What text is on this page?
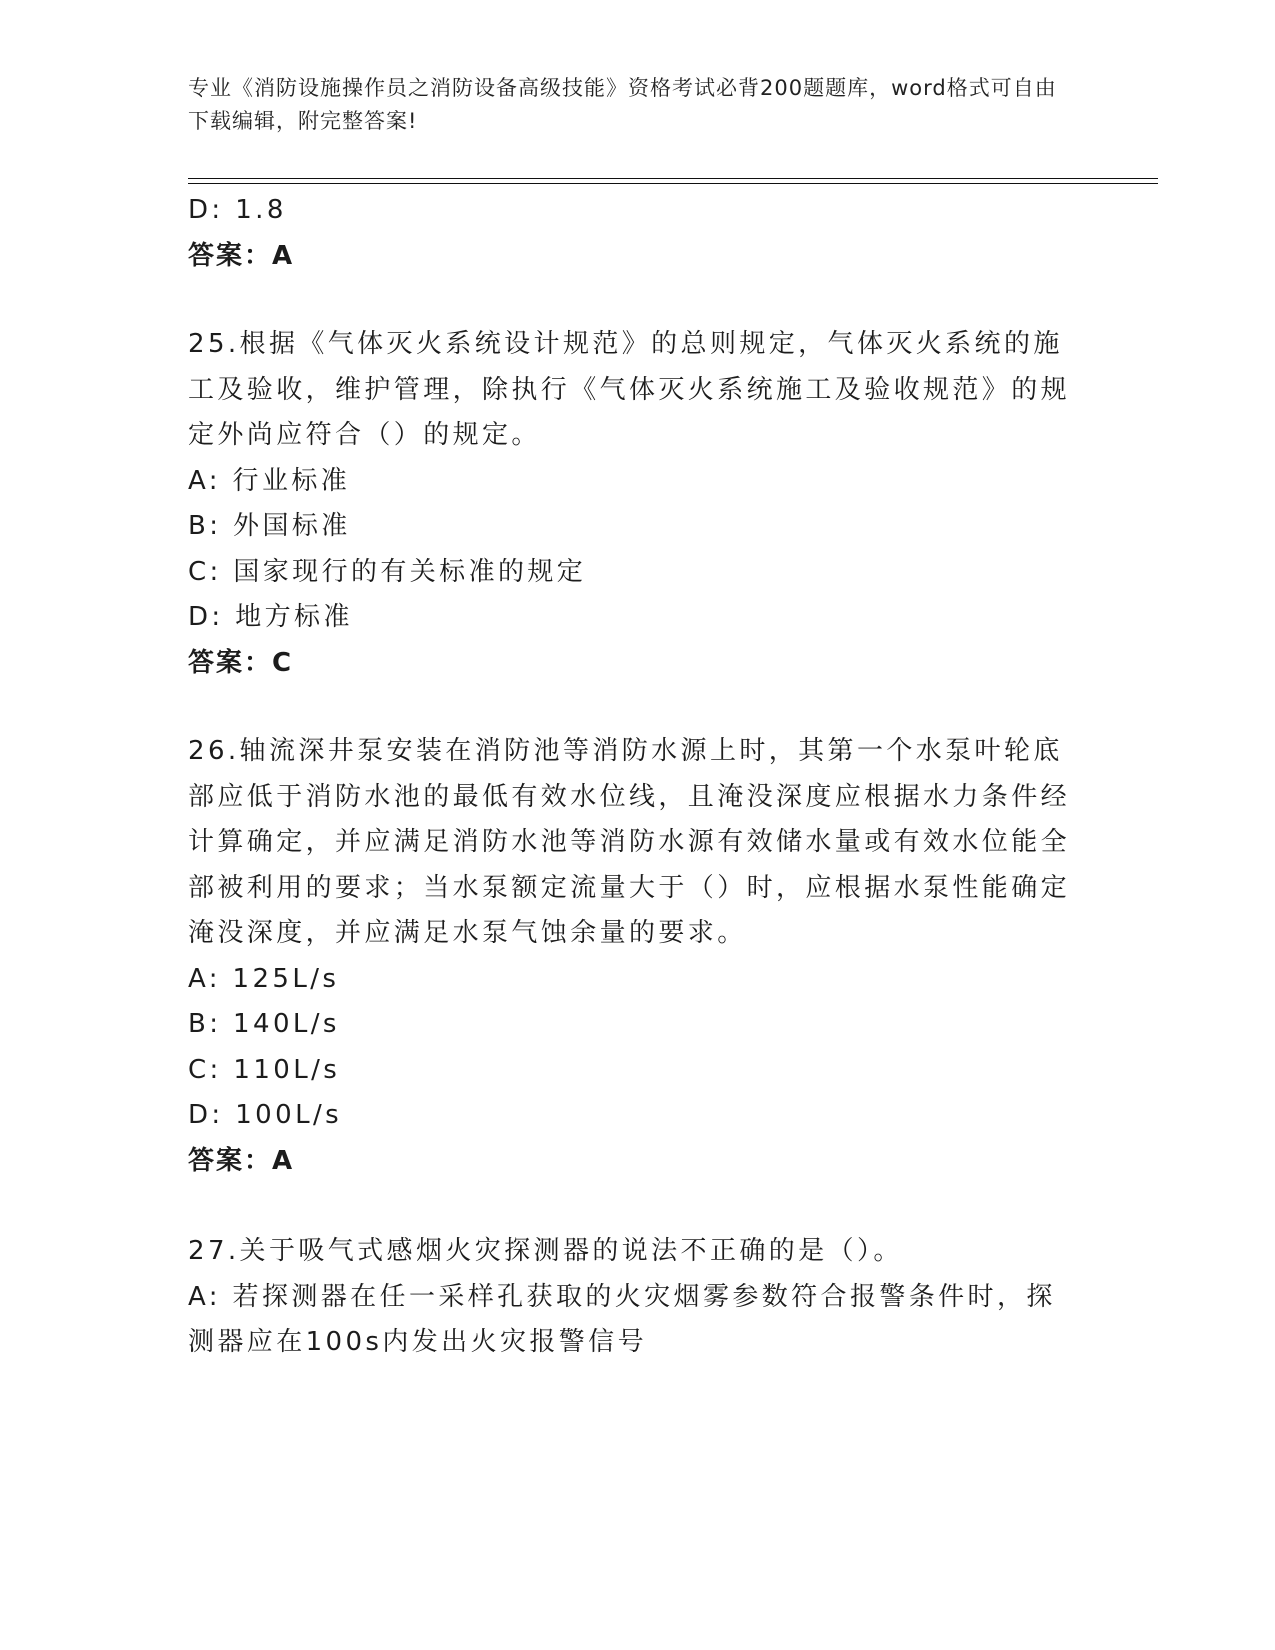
专业《消防设施操作员之消防设备高级技能》资格考试必背200题题库，word格式可自由下载编辑，附完整答案!
D: 1.8
答案：A
25.根据《气体灭火系统设计规范》的总则规定，气体灭火系统的施工及验收，维护管理，除执行《气体灭火系统施工及验收规范》的规定外尚应符合（）的规定。
A: 行业标准
B: 外国标准
C: 国家现行的有关标准的规定
D: 地方标准
答案：C
26.轴流深井泵安装在消防池等消防水源上时，其第一个水泵叶轮底部应低于消防水池的最低有效水位线，且淹没深度应根据水力条件经计算确定，并应满足消防水池等消防水源有效储水量或有效水位能全部被利用的要求；当水泵额定流量大于（）时，应根据水泵性能确定淹没深度，并应满足水泵气蚀余量的要求。
A: 125L/s
B: 140L/s
C: 110L/s
D: 100L/s
答案：A
27.关于吸气式感烟火灾探测器的说法不正确的是（）。
A: 若探测器在任一采样孔获取的火灾烟雾参数符合报警条件时，探测器应在100s内发出火灾报警信号
